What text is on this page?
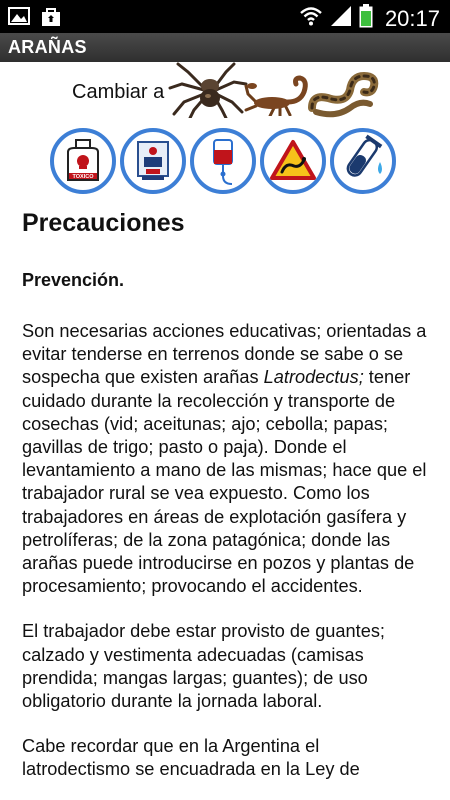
20:17
ARAÑAS
Cambiar a
TOXICO
Precauciones
Prevención.

Son necesarias acciones educativas; orientadas a evitar tenderse en terrenos donde se sabe o se sospecha que existen arañas Latrodectus; tener cuidado durante la recolección y transporte de cosechas (vid; aceitunas; ajo; cebolla; papas; gavillas de trigo; pasto o paja). Donde el levantamiento a mano de las mismas; hace que el trabajador rural se vea expuesto. Como los trabajadores en áreas de explotación gasífera y petrolíferas; de la zona patagónica; donde las arañas puede introducirse en pozos y plantas de procesamiento; provocando el accidentes.

El trabajador debe estar provisto de guantes; calzado y vestimenta adecuadas (camisas prendida; mangas largas; guantes); de uso obligatorio durante la jornada laboral.

Cabe recordar que en la Argentina el latrodectismo se encuadrada en la Ley de
